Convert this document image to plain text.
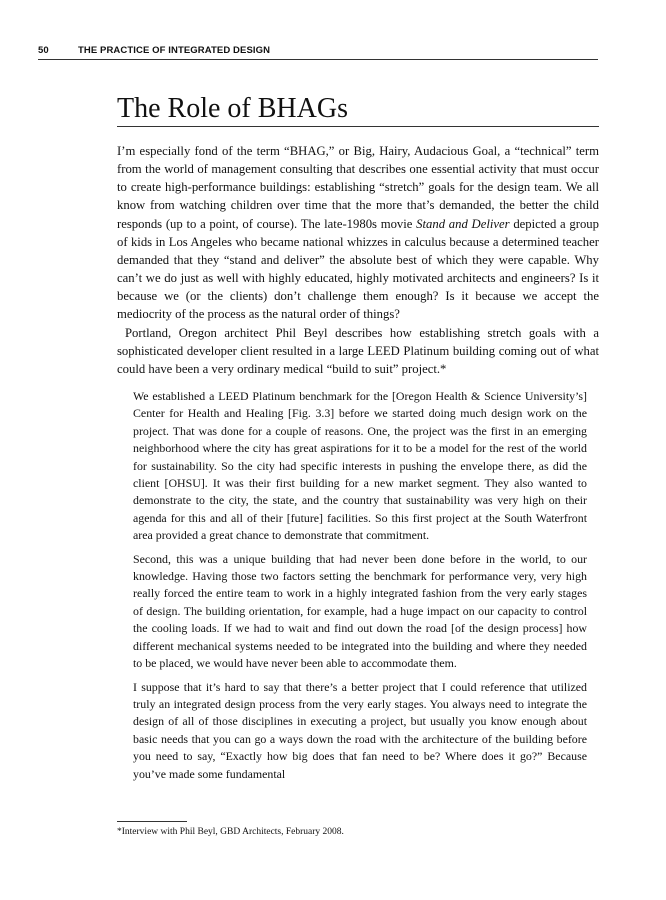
50	THE PRACTICE OF INTEGRATED DESIGN
The Role of BHAGs

I’m especially fond of the term “BHAG,” or Big, Hairy, Audacious Goal, a “technical” term from the world of management consulting that describes one essential activity that must occur to create high-performance buildings: establishing “stretch” goals for the design team. We all know from watching children over time that the more that’s demanded, the better the child responds (up to a point, of course). The late-1980s movie Stand and Deliver depicted a group of kids in Los Angeles who became national whizzes in calculus because a determined teacher demanded that they “stand and deliver” the absolute best of which they were capable. Why can’t we do just as well with highly educated, highly motivated architects and engineers? Is it because we (or the clients) don’t challenge them enough? Is it because we accept the mediocrity of the process as the natural order of things?

Portland, Oregon architect Phil Beyl describes how establishing stretch goals with a sophisticated developer client resulted in a large LEED Platinum building coming out of what could have been a very ordinary medical “build to suit” project.*

We established a LEED Platinum benchmark for the [Oregon Health & Science University’s] Center for Health and Healing [Fig. 3.3] before we started doing much design work on the project. That was done for a couple of reasons. One, the project was the first in an emerging neighborhood where the city has great aspirations for it to be a model for the rest of the world for sustainability. So the city had specific interests in pushing the envelope there, as did the client [OHSU]. It was their first building for a new market segment. They also wanted to demonstrate to the city, the state, and the country that sustainability was very high on their agenda for this and all of their [future] facilities. So this first project at the South Waterfront area provided a great chance to demonstrate that commitment.

Second, this was a unique building that had never been done before in the world, to our knowledge. Having those two factors setting the benchmark for performance very, very high really forced the entire team to work in a highly integrated fashion from the very early stages of design. The building orientation, for example, had a huge impact on our capacity to control the cooling loads. If we had to wait and find out down the road [of the design process] how different mechanical systems needed to be integrated into the building and where they needed to be placed, we would have never been able to accommodate them.

I suppose that it’s hard to say that there’s a better project that I could reference that utilized truly an integrated design process from the very early stages. You always need to integrate the design of all of those disciplines in executing a project, but usually you know enough about basic needs that you can go a ways down the road with the architecture of the building before you need to say, “Exactly how big does that fan need to be? Where does it go?” Because you’ve made some fundamental

*Interview with Phil Beyl, GBD Architects, February 2008.
